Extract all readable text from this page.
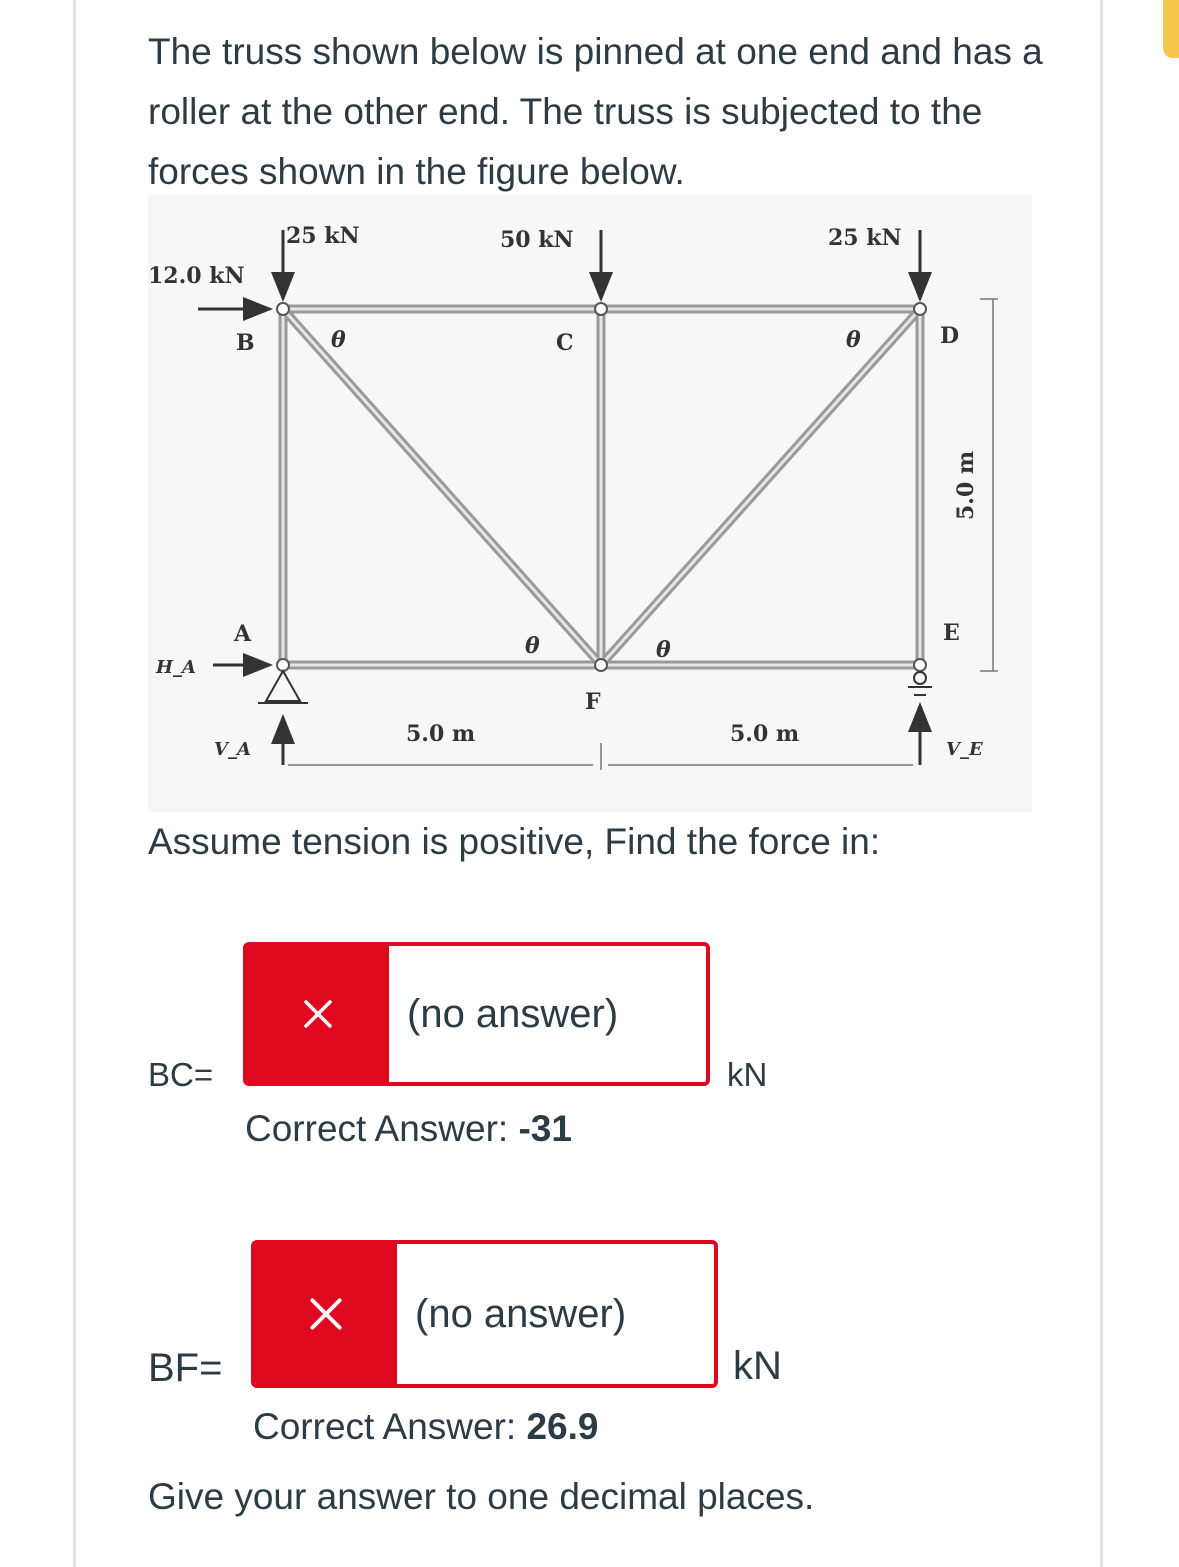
The truss shown below is pinned at one end and has a roller at the other end. The truss is subjected to the forces shown in the figure below.
25 kN	50 kN	25 kN
12.0 kN
B	C	D
A	E
F
θ	θ
θ	θ
5.0 m	5.0 m
5.0 m
H_A
V_A	V_E
Assume tension is positive, Find the force in:
BC=
(no answer)
kN
Correct Answer: -31
BF=
(no answer)
kN
Correct Answer: 26.9
Give your answer to one decimal places.
